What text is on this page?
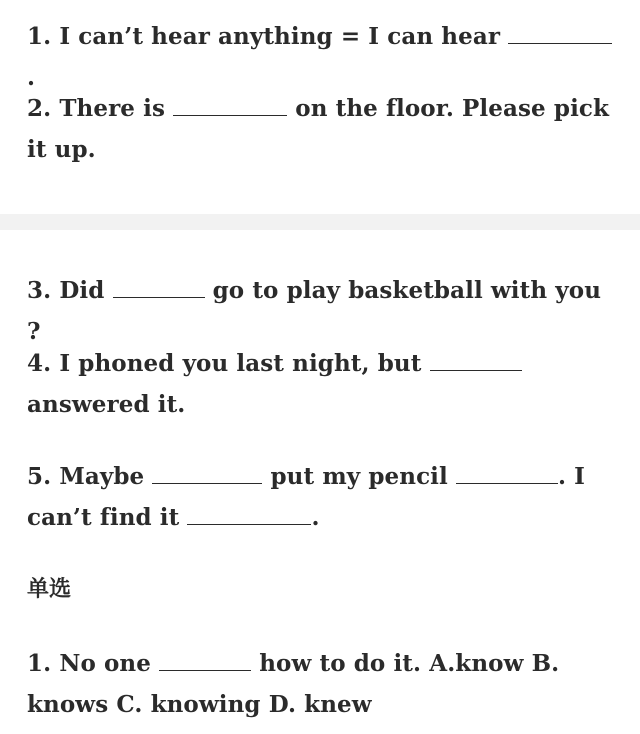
1. I can’t hear anything = I can hear .
2. There is	on the floor. Please pick it up.
3. Did	go to play basketball with you ?
4. I phoned you last night, but  answered it.
5. Maybe	put my pencil	. I can’t find it	.
单选
1. No one	how to do it. A.know B. knows C. knowing D. knew
